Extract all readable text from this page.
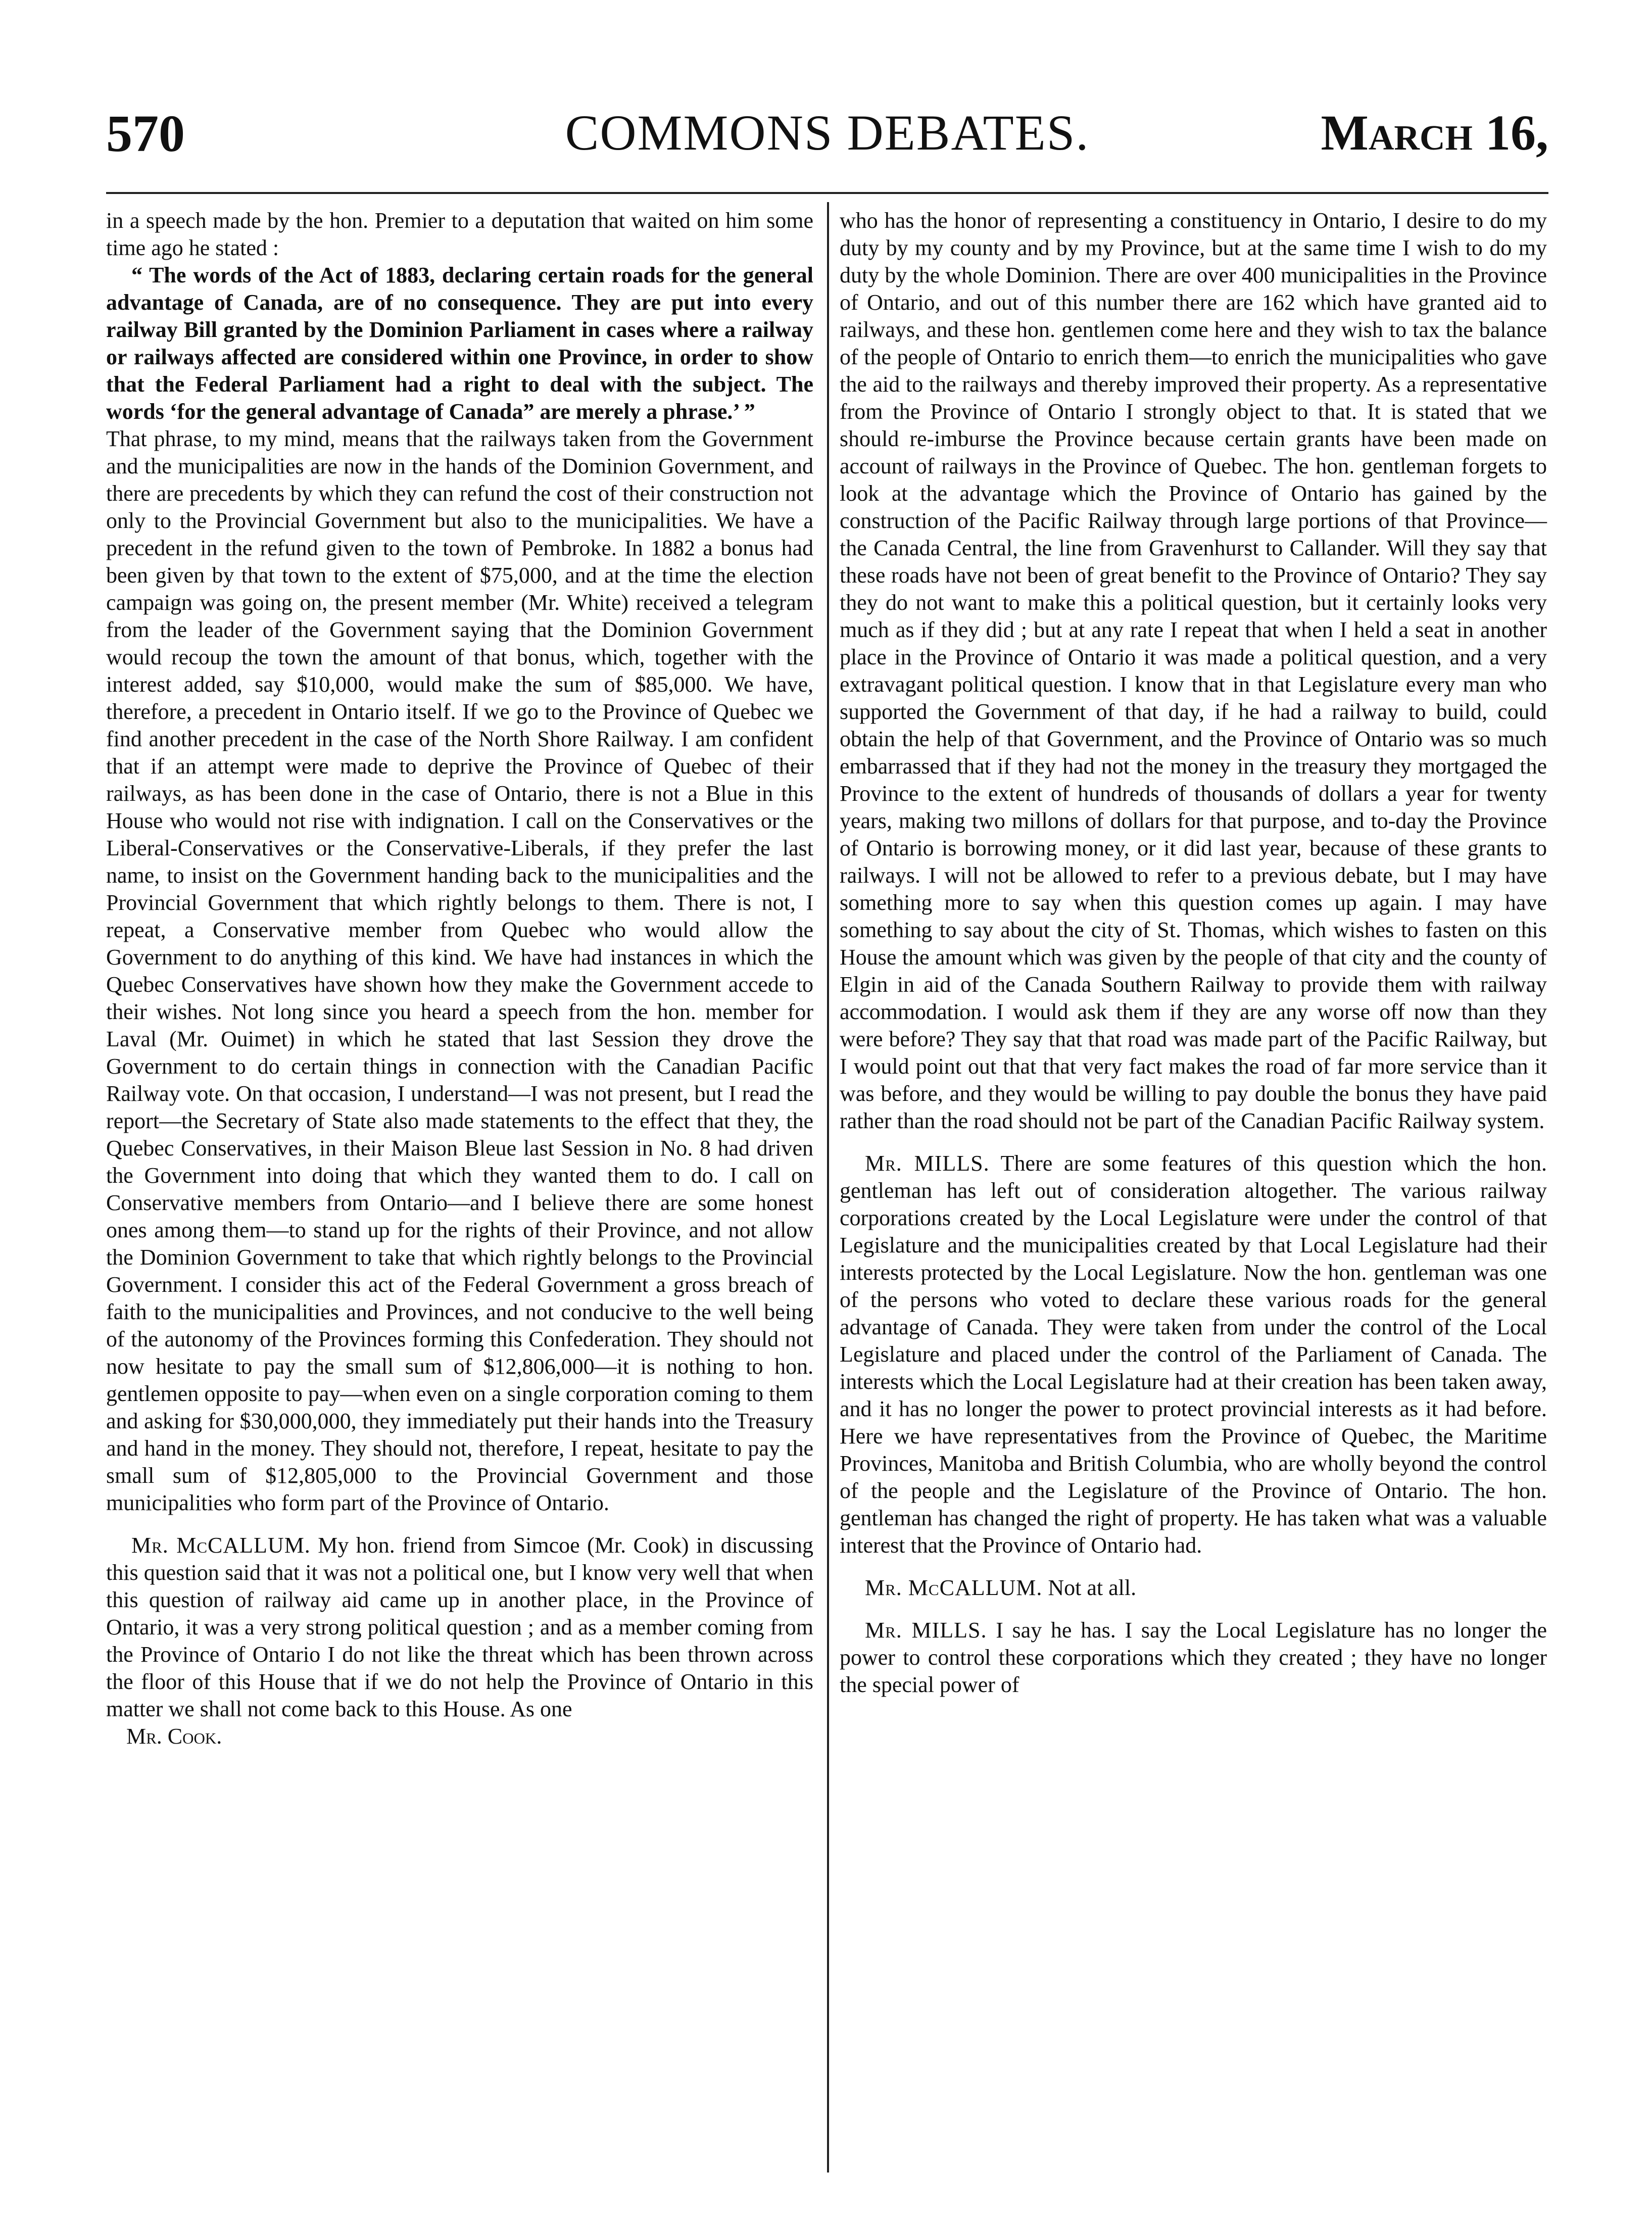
570	COMMONS DEBATES.	March 16,

in a speech made by the hon. Premier to a deputation that waited on him some time ago he stated :

“ The words of the Act of 1883, declaring certain roads for the general advantage of Canada, are of no consequence. They are put into every railway Bill granted by the Dominion Parliament in cases where a railway or railways affected are considered within one Province, in order to show that the Federal Parliament had a right to deal with the subject. The words ‘for the general advantage of Canada” are merely a phrase.’ ”

That phrase, to my mind, means that the railways taken from the Government and the municipalities are now in the hands of the Dominion Government, and there are precedents by which they can refund the cost of their construction not only to the Provincial Government but also to the municipalities. We have a precedent in the refund given to the town of Pembroke. In 1882 a bonus had been given by that town to the extent of $75,000, and at the time the election campaign was going on, the present member (Mr. White) received a telegram from the leader of the Government saying that the Dominion Government would recoup the town the amount of that bonus, which, together with the interest added, say $10,000, would make the sum of $85,000. We have, therefore, a precedent in Ontario itself. If we go to the Province of Quebec we find another precedent in the case of the North Shore Railway. I am confident that if an attempt were made to deprive the Province of Quebec of their railways, as has been done in the case of Ontario, there is not a Blue in this House who would not rise with indignation. I call on the Conservatives or the Liberal-Conservatives or the Conservative-Liberals, if they prefer the last name, to insist on the Government handing back to the municipalities and the Provincial Government that which rightly belongs to them. There is not, I repeat, a Conservative member from Quebec who would allow the Government to do anything of this kind. We have had instances in which the Quebec Conservatives have shown how they make the Government accede to their wishes. Not long since you heard a speech from the hon. member for Laval (Mr. Ouimet) in which he stated that last Session they drove the Government to do certain things in connection with the Canadian Pacific Railway vote. On that occasion, I understand—I was not present, but I read the report—the Secretary of State also made statements to the effect that they, the Quebec Conservatives, in their Maison Bleue last Session in No. 8 had driven the Government into doing that which they wanted them to do. I call on Conservative members from Ontario—and I believe there are some honest ones among them—to stand up for the rights of their Province, and not allow the Dominion Government to take that which rightly belongs to the Provincial Government. I consider this act of the Federal Government a gross breach of faith to the municipalities and Provinces, and not conducive to the well being of the autonomy of the Provinces forming this Confederation. They should not now hesitate to pay the small sum of $12,806,000—it is nothing to hon. gentlemen opposite to pay—when even on a single corporation coming to them and asking for $30,000,000, they immediately put their hands into the Treasury and hand in the money. They should not, therefore, I repeat, hesitate to pay the small sum of $12,805,000 to the Provincial Government and those municipalities who form part of the Province of Ontario.

Mr. McCALLUM. My hon. friend from Simcoe (Mr. Cook) in discussing this question said that it was not a political one, but I know very well that when this question of railway aid came up in another place, in the Province of Ontario, it was a very strong political question ; and as a member coming from the Province of Ontario I do not like the threat which has been thrown across the floor of this House that if we do not help the Province of Ontario in this matter we shall not come back to this House. As one

Mr. Cook.

who has the honor of representing a constituency in Ontario, I desire to do my duty by my county and by my Province, but at the same time I wish to do my duty by the whole Dominion. There are over 400 municipalities in the Province of Ontario, and out of this number there are 162 which have granted aid to railways, and these hon. gentlemen come here and they wish to tax the balance of the people of Ontario to enrich them—to enrich the municipalities who gave the aid to the railways and thereby improved their property. As a representative from the Province of Ontario I strongly object to that. It is stated that we should re-imburse the Province because certain grants have been made on account of railways in the Province of Quebec. The hon. gentleman forgets to look at the advantage which the Province of Ontario has gained by the construction of the Pacific Railway through large portions of that Province—the Canada Central, the line from Gravenhurst to Callander. Will they say that these roads have not been of great benefit to the Province of Ontario? They say they do not want to make this a political question, but it certainly looks very much as if they did ; but at any rate I repeat that when I held a seat in another place in the Province of Ontario it was made a political question, and a very extravagant political question. I know that in that Legislature every man who supported the Government of that day, if he had a railway to build, could obtain the help of that Government, and the Province of Ontario was so much embarrassed that if they had not the money in the treasury they mortgaged the Province to the extent of hundreds of thousands of dollars a year for twenty years, making two millons of dollars for that purpose, and to-day the Province of Ontario is borrowing money, or it did last year, because of these grants to railways. I will not be allowed to refer to a previous debate, but I may have something more to say when this question comes up again. I may have something to say about the city of St. Thomas, which wishes to fasten on this House the amount which was given by the people of that city and the county of Elgin in aid of the Canada Southern Railway to provide them with railway accommodation. I would ask them if they are any worse off now than they were before? They say that that road was made part of the Pacific Railway, but I would point out that that very fact makes the road of far more service than it was before, and they would be willing to pay double the bonus they have paid rather than the road should not be part of the Canadian Pacific Railway system.

Mr. MILLS. There are some features of this question which the hon. gentleman has left out of consideration altogether. The various railway corporations created by the Local Legislature were under the control of that Legislature and the municipalities created by that Local Legislature had their interests protected by the Local Legislature. Now the hon. gentleman was one of the persons who voted to declare these various roads for the general advantage of Canada. They were taken from under the control of the Local Legislature and placed under the control of the Parliament of Canada. The interests which the Local Legislature had at their creation has been taken away, and it has no longer the power to protect provincial interests as it had before. Here we have representatives from the Province of Quebec, the Maritime Provinces, Manitoba and British Columbia, who are wholly beyond the control of the people and the Legislature of the Province of Ontario. The hon. gentleman has changed the right of property. He has taken what was a valuable interest that the Province of Ontario had.

Mr. McCALLUM. Not at all.

Mr. MILLS. I say he has. I say the Local Legislature has no longer the power to control these corporations which they created ; they have no longer the special power of
